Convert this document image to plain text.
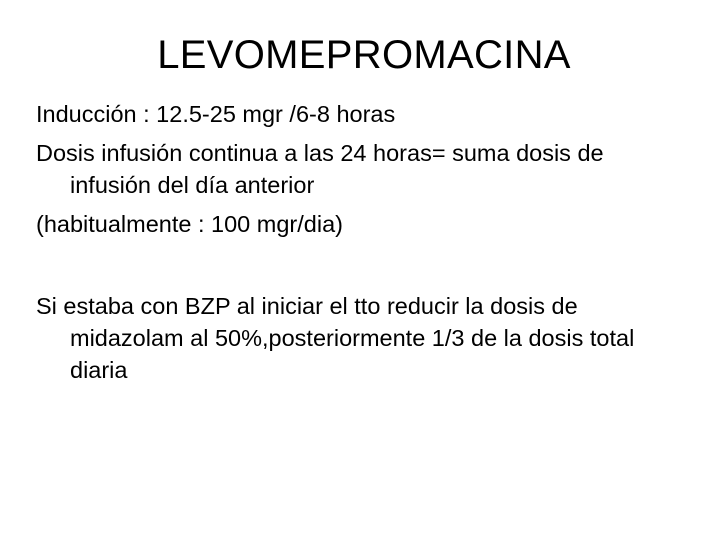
LEVOMEPROMACINA

Inducción : 12.5-25 mgr /6-8 horas

Dosis infusión continua a las 24 horas= suma dosis de infusión del día anterior

(habitualmente : 100 mgr/dia)

Si estaba con BZP al iniciar el tto reducir la dosis de midazolam al 50%,posteriormente 1/3 de la dosis total diaria
